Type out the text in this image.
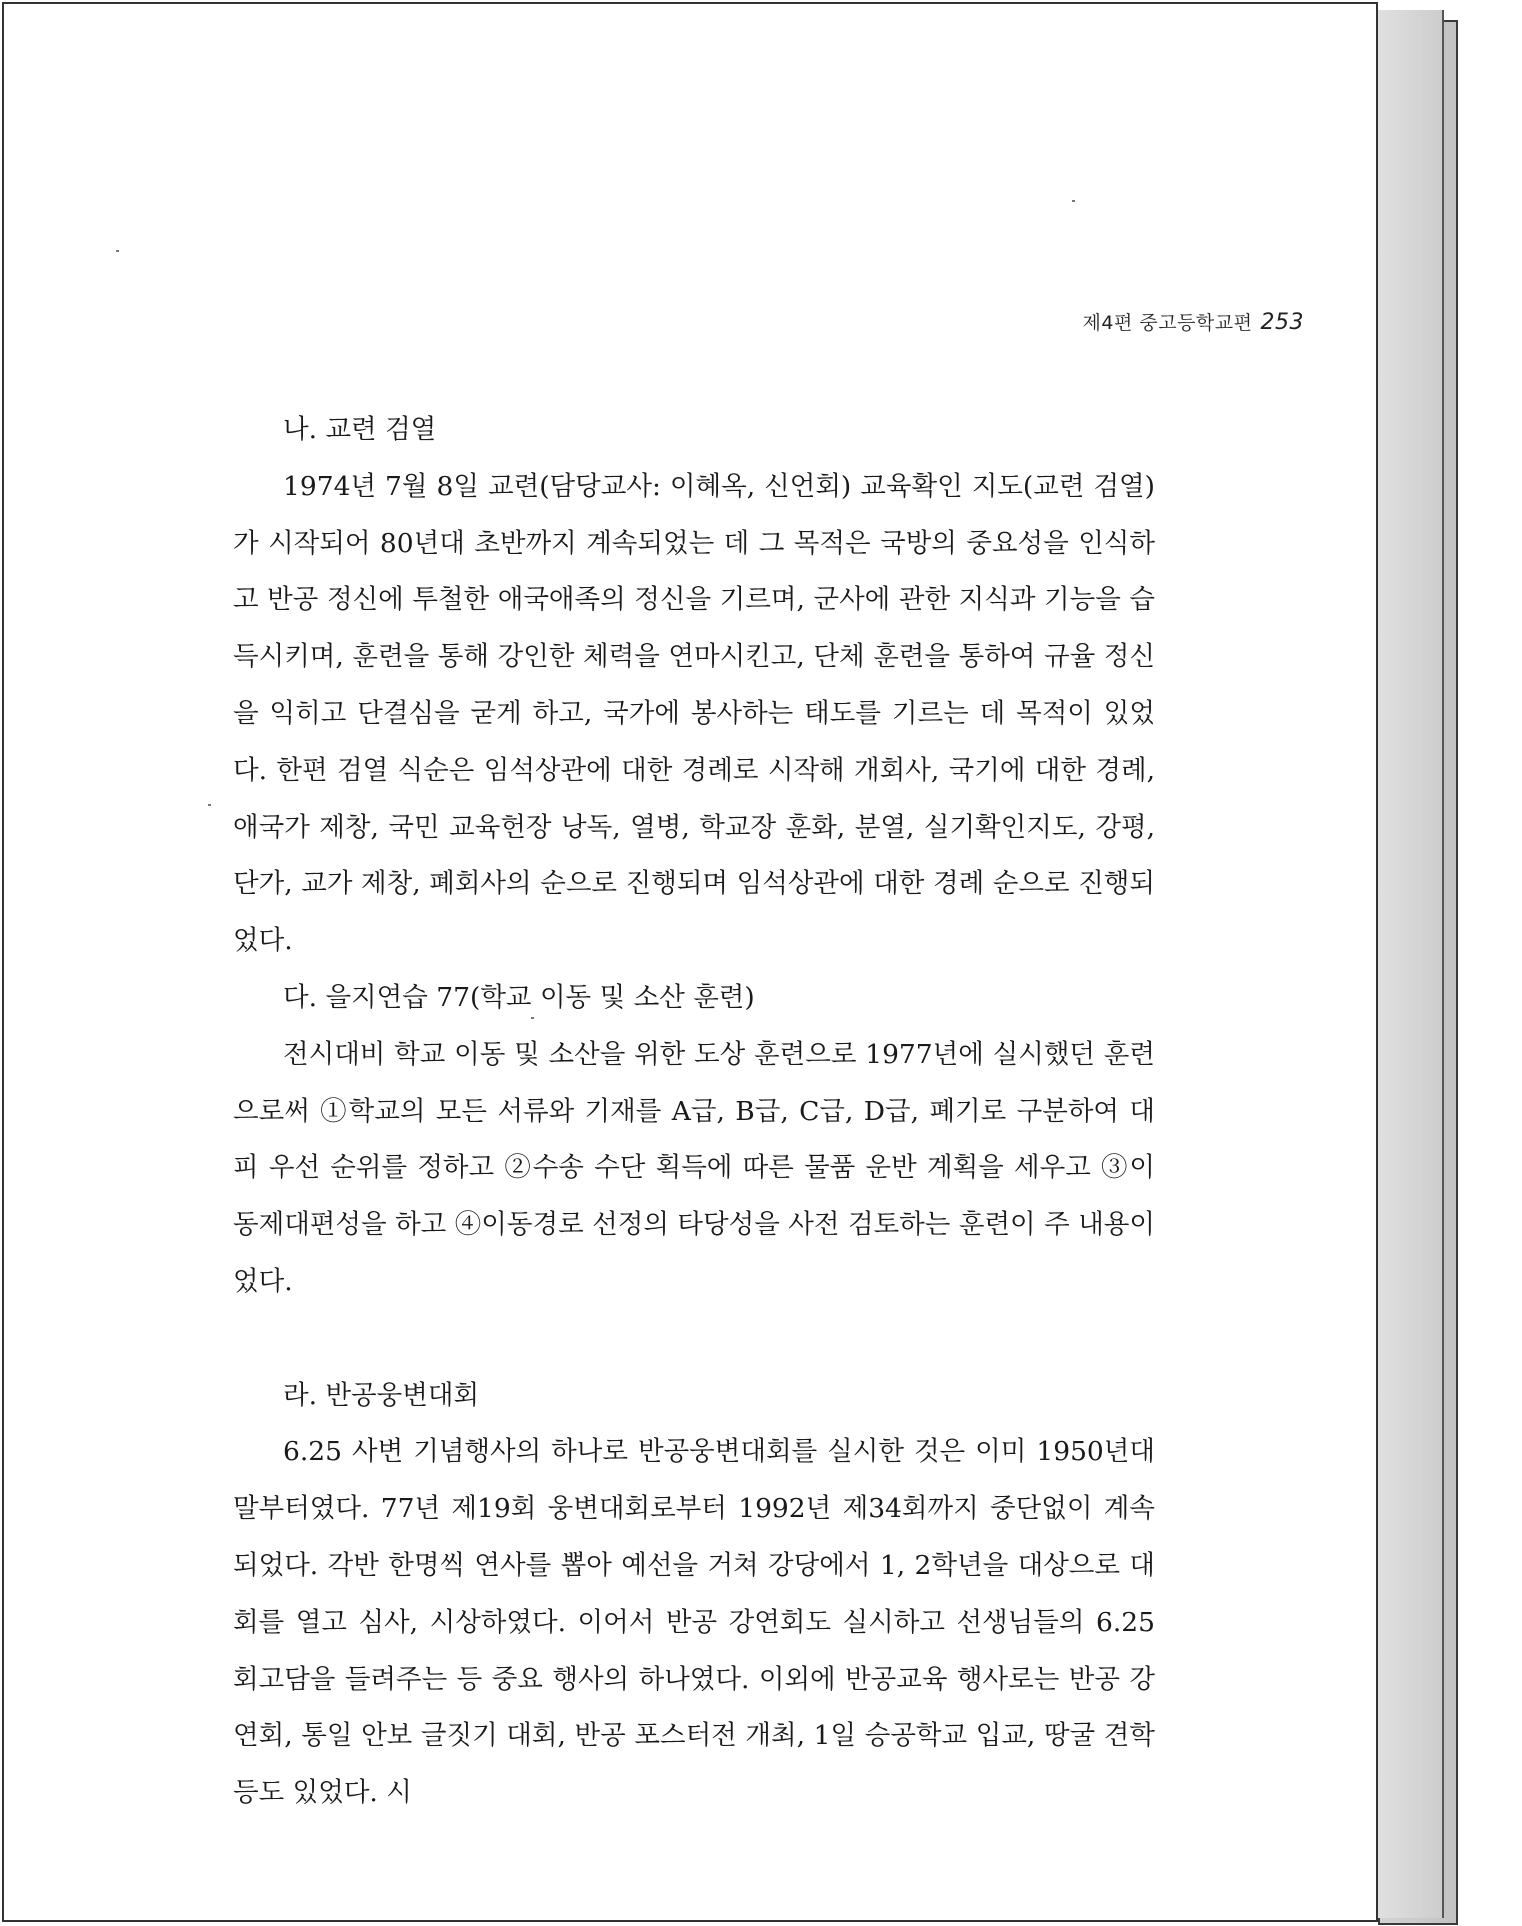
제4편 중고등학교편 253
나. 교련 검열

1974년 7월 8일 교련(담당교사: 이혜옥, 신언회) 교육확인 지도(교련 검열)가 시작되어 80년대 초반까지 계속되었는 데 그 목적은 국방의 중요성을 인식하고 반공 정신에 투철한 애국애족의 정신을 기르며, 군사에 관한 지식과 기능을 습득시키며, 훈련을 통해 강인한 체력을 연마시킨고, 단체 훈련을 통하여 규율 정신을 익히고 단결심을 굳게 하고, 국가에 봉사하는 태도를 기르는 데 목적이 있었다. 한편 검열 식순은 임석상관에 대한 경례로 시작해 개회사, 국기에 대한 경례, 애국가 제창, 국민 교육헌장 낭독, 열병, 학교장 훈화, 분열, 실기확인지도, 강평, 단가, 교가 제창, 폐회사의 순으로 진행되며 임석상관에 대한 경례 순으로 진행되었다.

다. 을지연습 77(학교 이동 및 소산 훈련)

전시대비 학교 이동 및 소산을 위한 도상 훈련으로 1977년에 실시했던 훈련으로써 ①학교의 모든 서류와 기재를 A급, B급, C급, D급, 폐기로 구분하여 대피 우선 순위를 정하고 ②수송 수단 획득에 따른 물품 운반 계획을 세우고 ③이동제대편성을 하고 ④이동경로 선정의 타당성을 사전 검토하는 훈련이 주 내용이었다.

라. 반공웅변대회

6.25 사변 기념행사의 하나로 반공웅변대회를 실시한 것은 이미 1950년대 말부터였다. 77년 제19회 웅변대회로부터 1992년 제34회까지 중단없이 계속되었다. 각반 한명씩 연사를 뽑아 예선을 거쳐 강당에서 1, 2학년을 대상으로 대회를 열고 심사, 시상하였다. 이어서 반공 강연회도 실시하고 선생님들의 6.25 회고담을 들려주는 등 중요 행사의 하나였다. 이외에 반공교육 행사로는 반공 강연회, 통일 안보 글짓기 대회, 반공 포스터전 개최, 1일 승공학교 입교, 땅굴 견학등도 있었다. 시
